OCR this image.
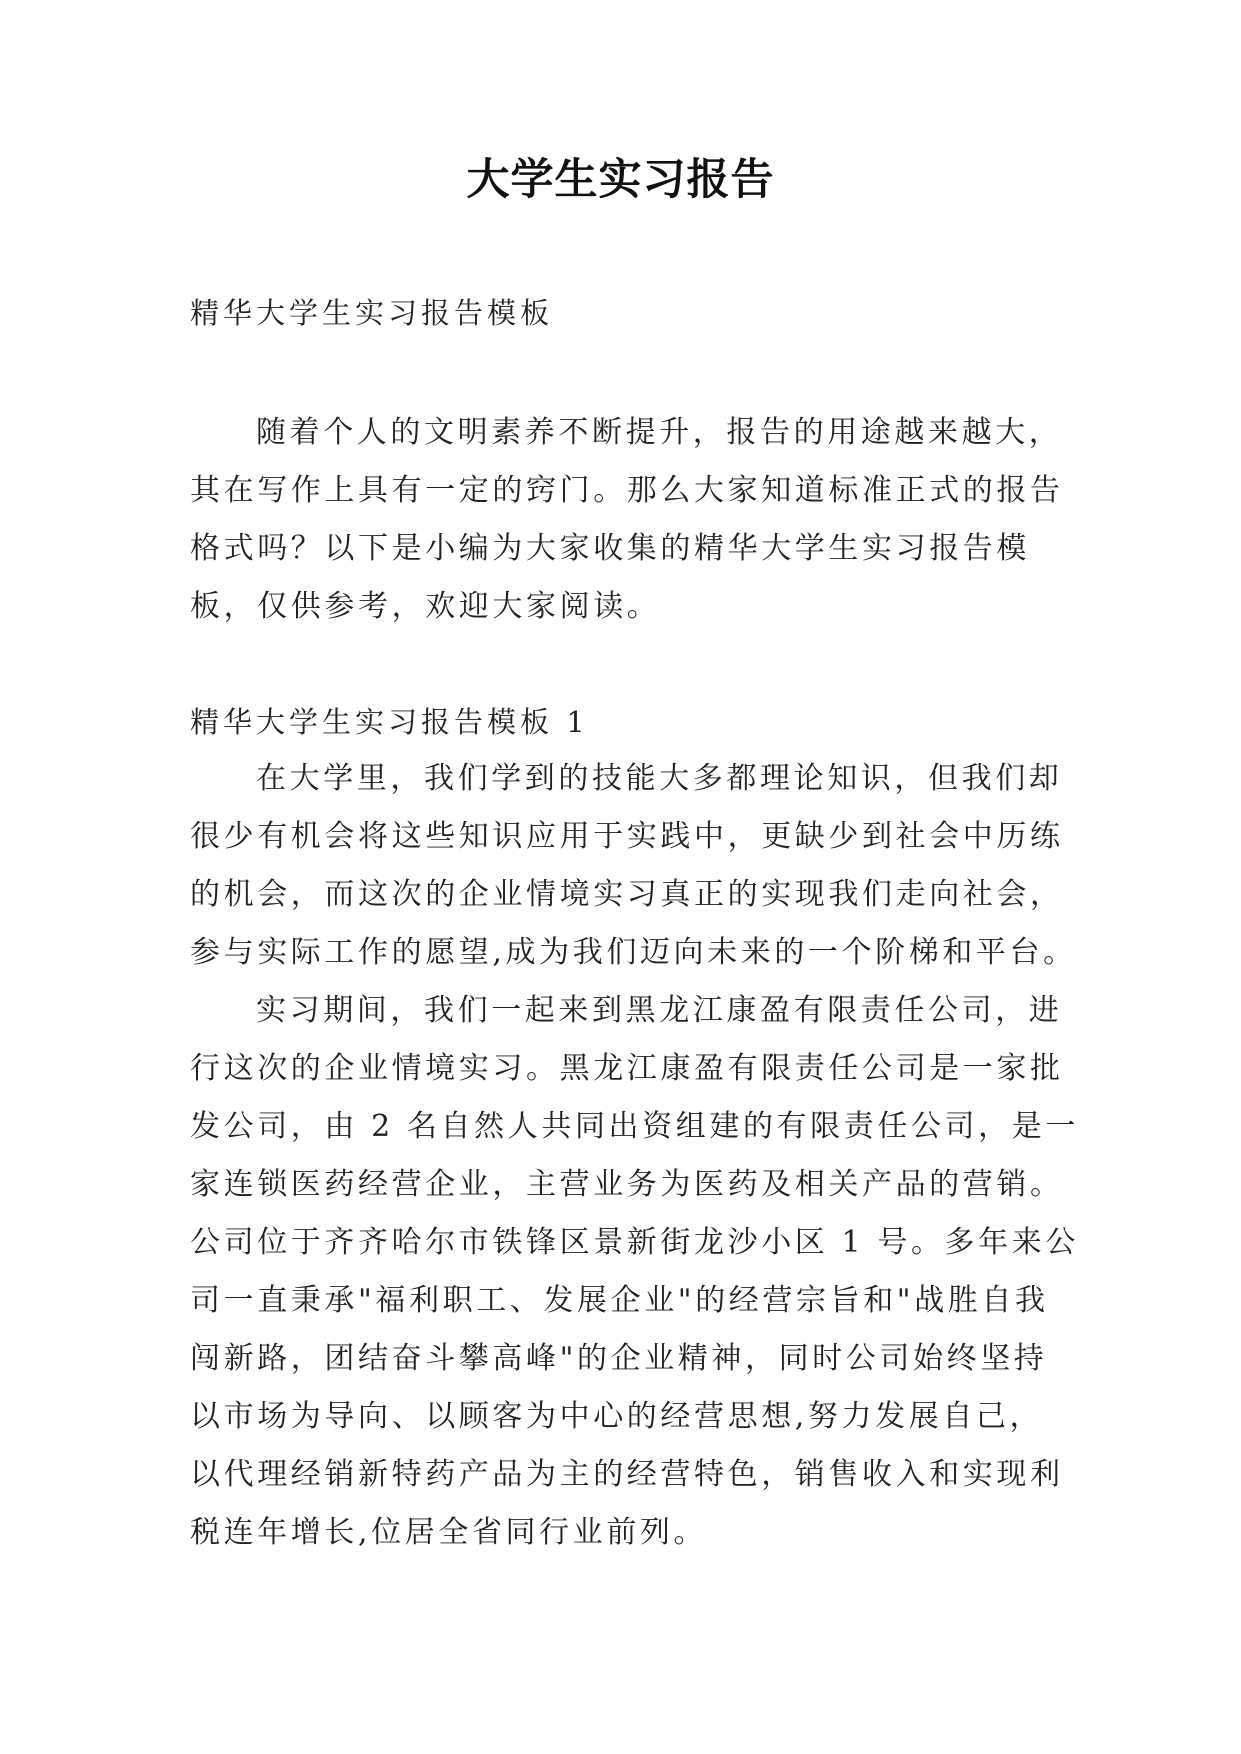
大学生实习报告
精华大学生实习报告模板
随着个人的文明素养不断提升，报告的用途越来越大，
其在写作上具有一定的窍门。那么大家知道标准正式的报告
格式吗？以下是小编为大家收集的精华大学生实习报告模
板，仅供参考，欢迎大家阅读。
精华大学生实习报告模板 1
在大学里，我们学到的技能大多都理论知识，但我们却
很少有机会将这些知识应用于实践中，更缺少到社会中历练
的机会，而这次的企业情境实习真正的实现我们走向社会，
参与实际工作的愿望,成为我们迈向未来的一个阶梯和平台。
实习期间，我们一起来到黑龙江康盈有限责任公司，进
行这次的企业情境实习。黑龙江康盈有限责任公司是一家批
发公司，由 2 名自然人共同出资组建的有限责任公司，是一
家连锁医药经营企业，主营业务为医药及相关产品的营销。
公司位于齐齐哈尔市铁锋区景新街龙沙小区 1 号。多年来公
司一直秉承"福利职工、发展企业"的经营宗旨和"战胜自我
闯新路，团结奋斗攀高峰"的企业精神，同时公司始终坚持
以市场为导向、以顾客为中心的经营思想,努力发展自己，
以代理经销新特药产品为主的经营特色，销售收入和实现利
税连年增长,位居全省同行业前列。
